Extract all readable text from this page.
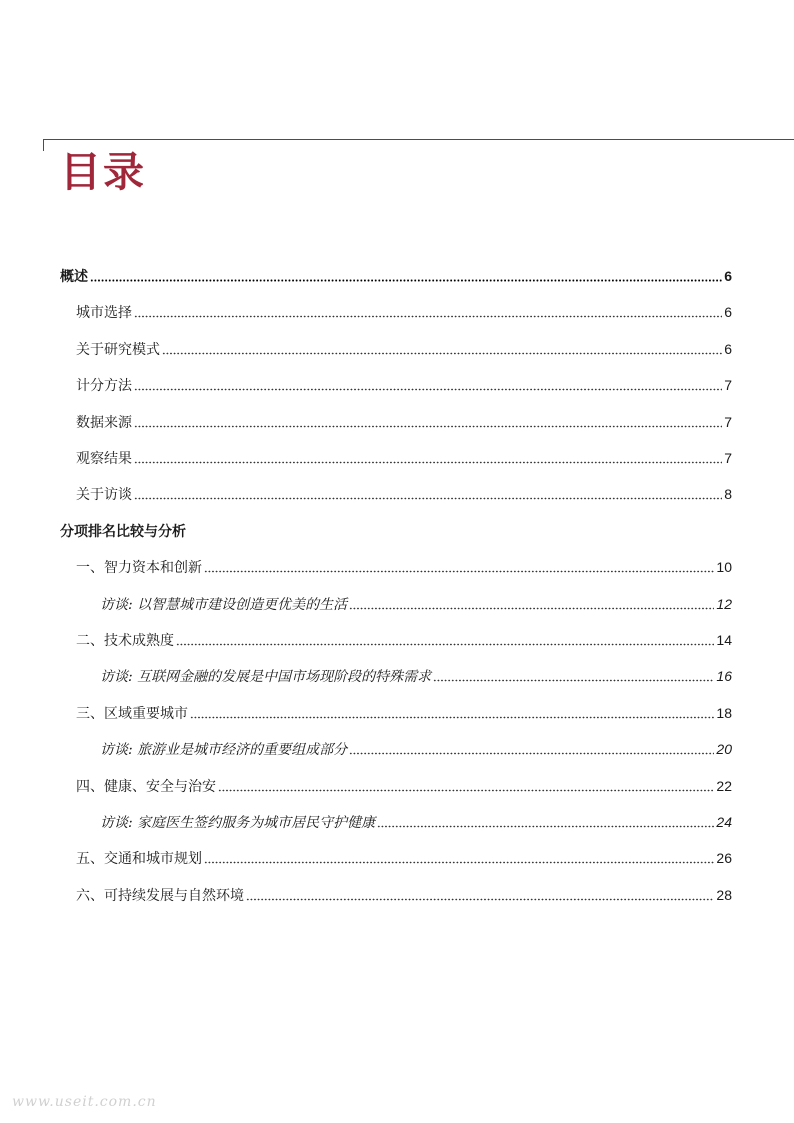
目录
概述	6
城市选择	6
关于研究模式	6
计分方法	7
数据来源	7
观察结果	7
关于访谈	8
分项排名比较与分析
一、智力资本和创新	10
访谈: 以智慧城市建设创造更优美的生活	12
二、技术成熟度	14
访谈: 互联网金融的发展是中国市场现阶段的特殊需求	16
三、区域重要城市	18
访谈: 旅游业是城市经济的重要组成部分	20
四、健康、安全与治安	22
访谈: 家庭医生签约服务为城市居民守护健康	24
五、交通和城市规划	26
六、可持续发展与自然环境	28
www.useit.com.cn
